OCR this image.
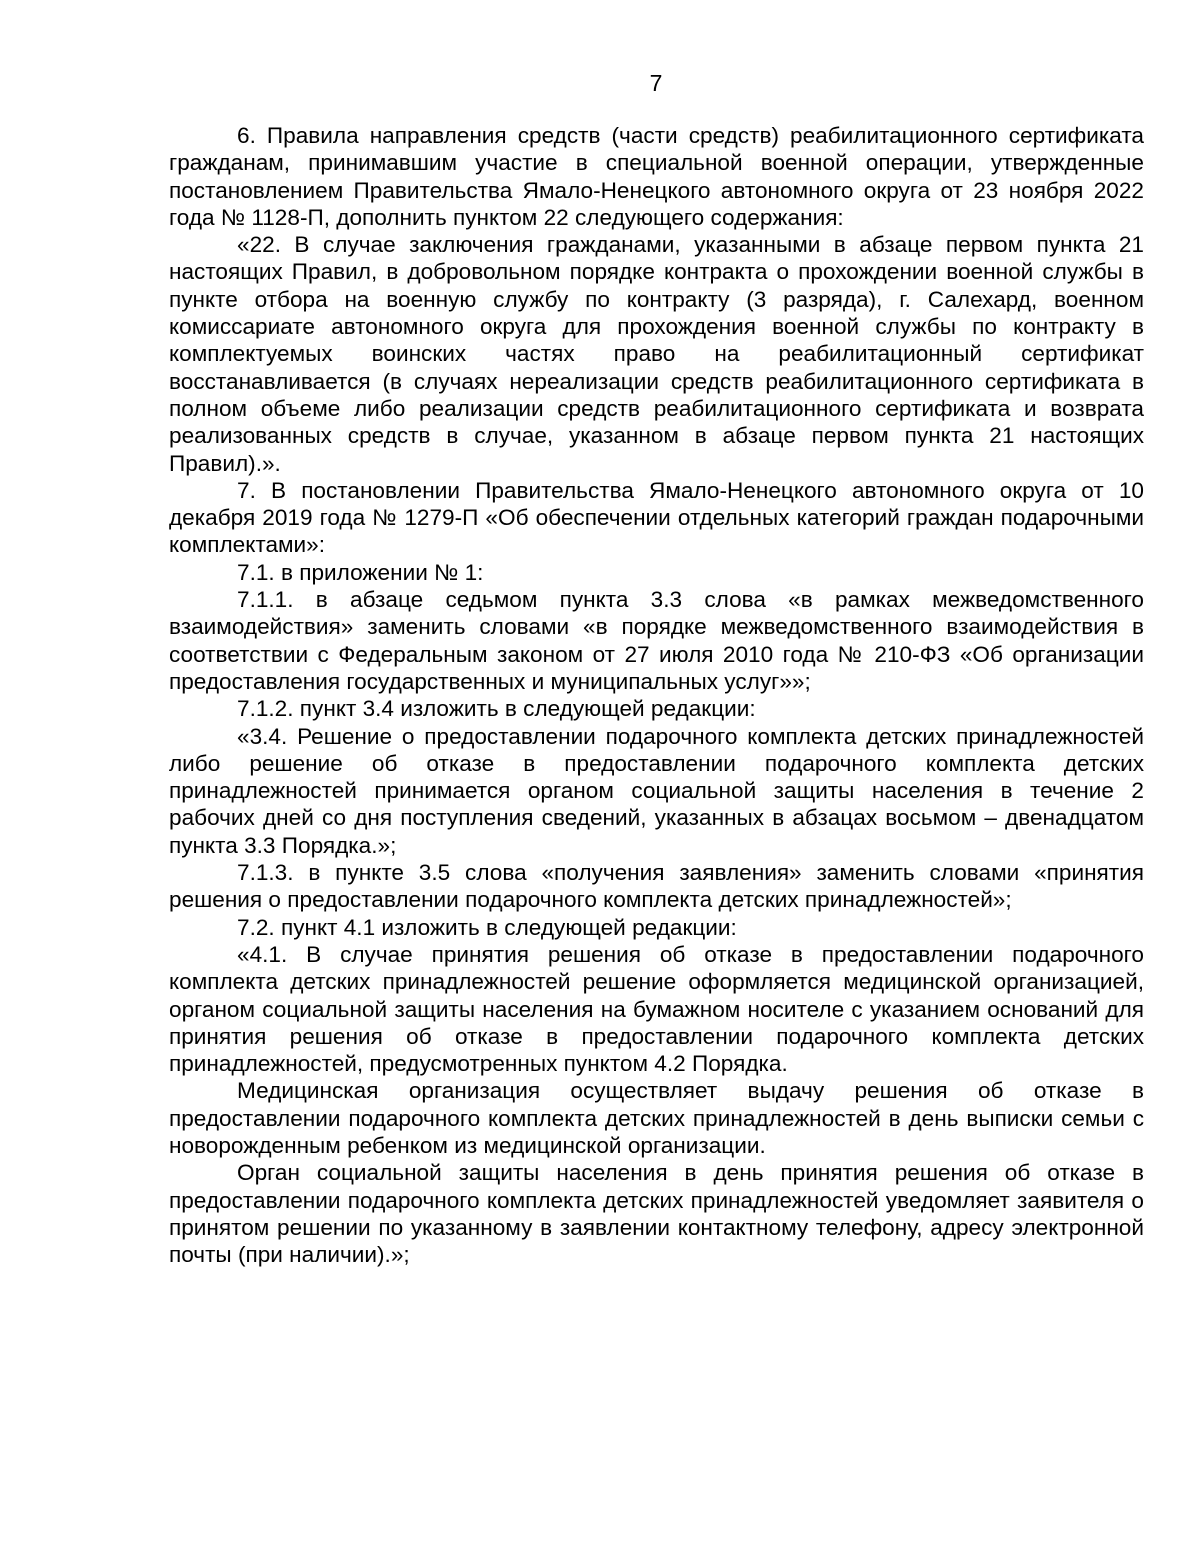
7

6. Правила направления средств (части средств) реабилитационного сертификата гражданам, принимавшим участие в специальной военной операции, утвержденные постановлением Правительства Ямало-Ненецкого автономного округа от 23 ноября 2022 года № 1128-П, дополнить пунктом 22 следующего содержания:

«22. В случае заключения гражданами, указанными в абзаце первом пункта 21 настоящих Правил, в добровольном порядке контракта о прохождении военной службы в пункте отбора на военную службу по контракту (3 разряда), г. Салехард, военном комиссариате автономного округа для прохождения военной службы по контракту в комплектуемых воинских частях право на реабилитационный сертификат восстанавливается (в случаях нереализации средств реабилитационного сертификата в полном объеме либо реализации средств реабилитационного сертификата и возврата реализованных средств в случае, указанном в абзаце первом пункта 21 настоящих Правил).».

7. В постановлении Правительства Ямало-Ненецкого автономного округа от 10 декабря 2019 года № 1279-П «Об обеспечении отдельных категорий граждан подарочными комплектами»:

7.1. в приложении № 1:

7.1.1. в абзаце седьмом пункта 3.3 слова «в рамках межведомственного взаимодействия» заменить словами «в порядке межведомственного взаимодействия в соответствии с Федеральным законом от 27 июля 2010 года № 210-ФЗ «Об организации предоставления государственных и муниципальных услуг»»;

7.1.2. пункт 3.4 изложить в следующей редакции:

«3.4. Решение о предоставлении подарочного комплекта детских принадлежностей либо решение об отказе в предоставлении подарочного комплекта детских принадлежностей принимается органом социальной защиты населения в течение 2 рабочих дней со дня поступления сведений, указанных в абзацах восьмом – двенадцатом пункта 3.3 Порядка.»;

7.1.3. в пункте 3.5 слова «получения заявления» заменить словами «принятия решения о предоставлении подарочного комплекта детских принадлежностей»;

7.2. пункт 4.1 изложить в следующей редакции:

«4.1. В случае принятия решения об отказе в предоставлении подарочного комплекта детских принадлежностей решение оформляется медицинской организацией, органом социальной защиты населения на бумажном носителе с указанием оснований для принятия решения об отказе в предоставлении подарочного комплекта детских принадлежностей, предусмотренных пунктом 4.2 Порядка.

Медицинская организация осуществляет выдачу решения об отказе в предоставлении подарочного комплекта детских принадлежностей в день выписки семьи с новорожденным ребенком из медицинской организации.

Орган социальной защиты населения в день принятия решения об отказе в предоставлении подарочного комплекта детских принадлежностей уведомляет заявителя о принятом решении по указанному в заявлении контактному телефону, адресу электронной почты (при наличии).»;
